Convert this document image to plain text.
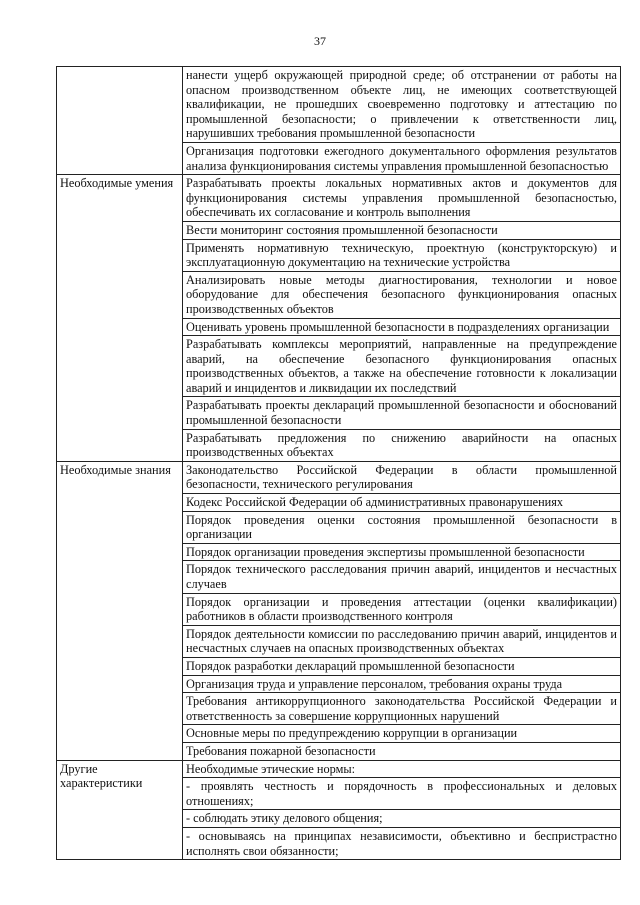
37
	нанести ущерб окружающей природной среде; об отстранении от работы на опасном производственном объекте лиц, не имеющих соответствующей квалификации, не прошедших своевременно подготовку и аттестацию по промышленной безопасности; о привлечении к ответственности лиц, нарушивших требования промышленной безопасности
	Организация подготовки ежегодного документального оформления результатов анализа функционирования системы управления промышленной безопасностью

Необходимые умения	Разрабатывать проекты локальных нормативных актов и документов для функционирования системы управления промышленной безопасностью, обеспечивать их согласование и контроль выполнения
	Вести мониторинг состояния промышленной безопасности
	Применять нормативную техническую, проектную (конструкторскую) и эксплуатационную документацию на технические устройства
	Анализировать новые методы диагностирования, технологии и новое оборудование для обеспечения безопасного функционирования опасных производственных объектов
	Оценивать уровень промышленной безопасности в подразделениях организации
	Разрабатывать комплексы мероприятий, направленные на предупреждение аварий, на обеспечение безопасного функционирования опасных производственных объектов, а также на обеспечение готовности к локализации аварий и инцидентов и ликвидации их последствий
	Разрабатывать проекты деклараций промышленной безопасности и обоснований промышленной безопасности
	Разрабатывать предложения по снижению аварийности на опасных производственных объектах

Необходимые знания	Законодательство Российской Федерации в области промышленной безопасности, технического регулирования
	Кодекс Российской Федерации об административных правонарушениях
	Порядок проведения оценки состояния промышленной безопасности в организации
	Порядок организации проведения экспертизы промышленной безопасности
	Порядок технического расследования причин аварий, инцидентов и несчастных случаев
	Порядок организации и проведения аттестации (оценки квалификации) работников в области производственного контроля
	Порядок деятельности комиссии по расследованию причин аварий, инцидентов и несчастных случаев на опасных производственных объектах
	Порядок разработки деклараций промышленной безопасности
	Организация труда и управление персоналом, требования охраны труда
	Требования антикоррупционного законодательства Российской Федерации и ответственность за совершение коррупционных нарушений
	Основные меры по предупреждению коррупции в организации
	Требования пожарной безопасности

Другие характеристики	Необходимые этические нормы:
	- проявлять честность и порядочность в профессиональных и деловых отношениях;
	- соблюдать этику делового общения;
	- основываясь на принципах независимости, объективно и беспристрастно исполнять свои обязанности;
